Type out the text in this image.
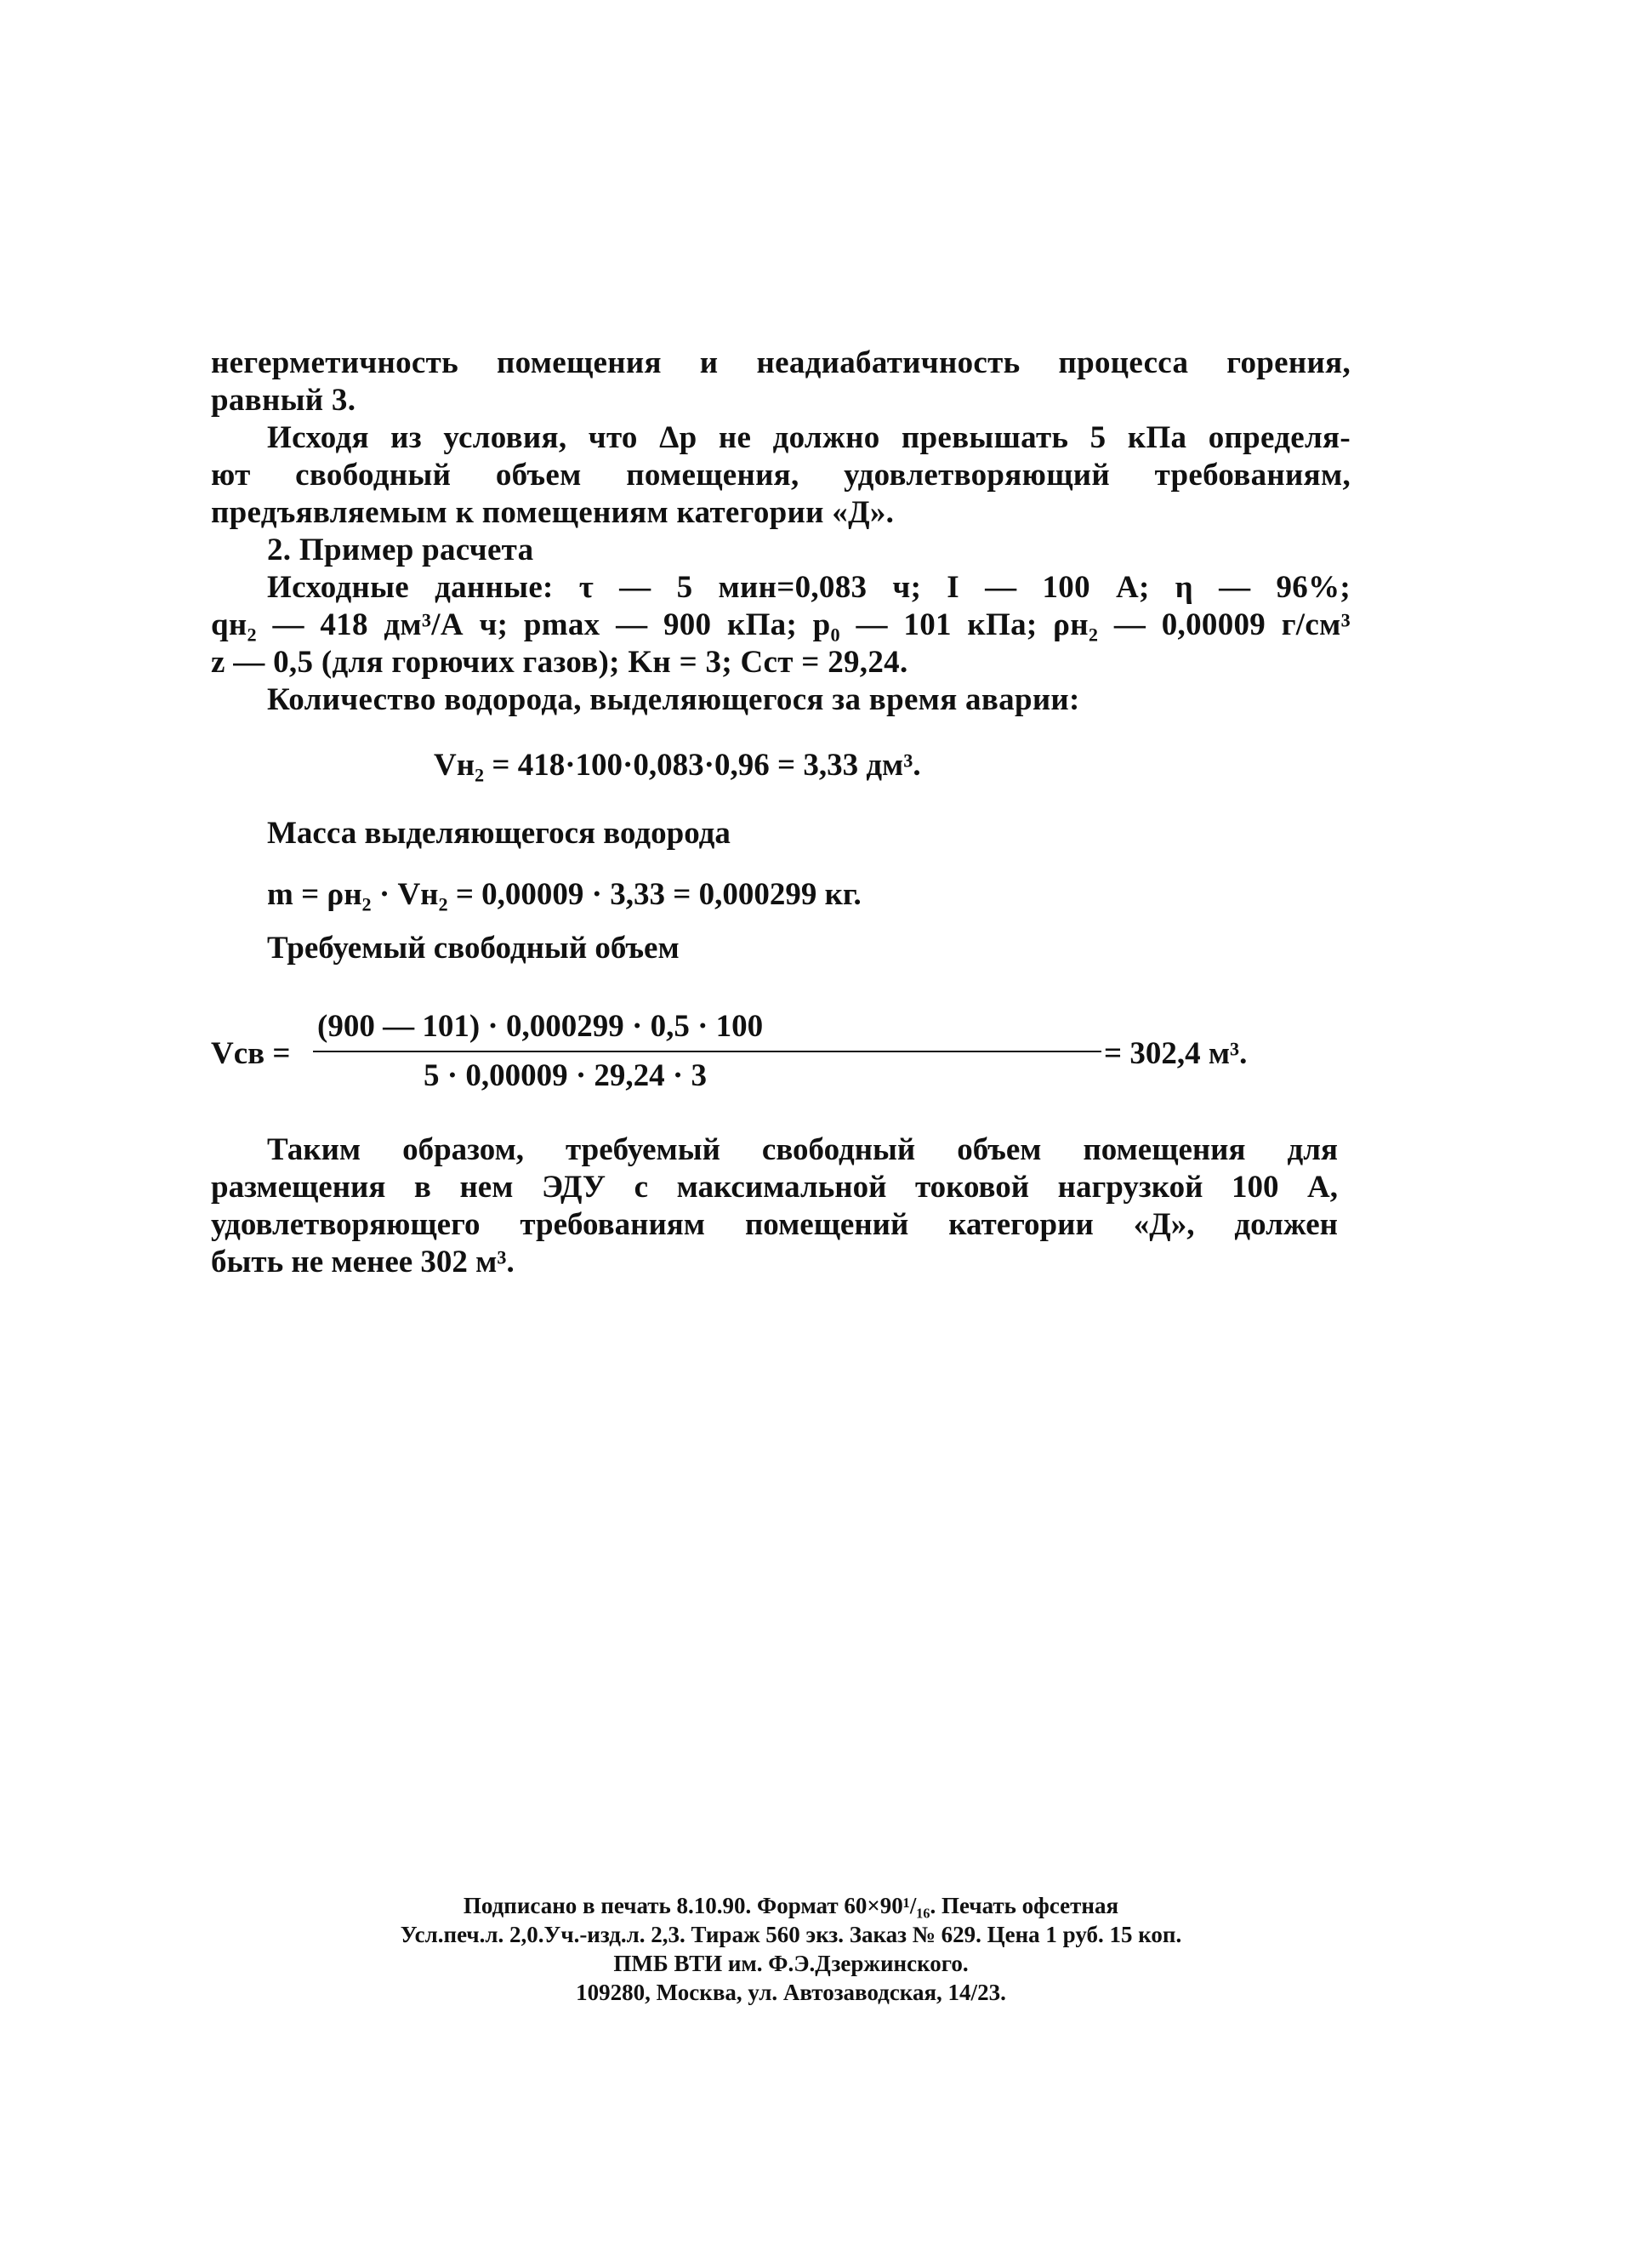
негерметичность помещения и неадиабатичность процесса горения,
равный 3.
Исходя из условия, что Δр не должно превышать 5 кПа определя-
ют свободный объем помещения, удовлетворяющий требованиям,
предъявляемым к помещениям категории «Д».
2. Пример расчета
Исходные данные: τ — 5 мин=0,083 ч; I — 100 А; η — 96%;
qн₂ — 418 дм³/А ч; pmax — 900 кПа; p₀ — 101 кПа; ρн₂ — 0,00009 г/см³
z — 0,5 (для горючих газов); Kн = 3; Cст = 29,24.
Количество водорода, выделяющегося за время аварии:
Vн₂ = 418·100·0,083·0,96 = 3,33 дм³.
Масса выделяющегося водорода
m = ρн₂ · Vн₂ = 0,00009 · 3,33 = 0,000299 кг.
Требуемый свободный объем
Vсв =
(900 — 101) · 0,000299 · 0,5 · 100
5 · 0,00009 · 29,24 · 3
= 302,4 м³.
Таким образом, требуемый свободный объем помещения для
размещения в нем ЭДУ с максимальной токовой нагрузкой 100 А,
удовлетворяющего требованиям помещений категории «Д», должен
быть не менее 302 м³.
Подписано в печать 8.10.90. Формат 60×90¹/₁₆. Печать офсетная
Усл.печ.л. 2,0.Уч.-изд.л. 2,3. Тираж 560 экз. Заказ № 629. Цена 1 руб. 15 коп.
ПМБ ВТИ им. Ф.Э.Дзержинского.
109280, Москва, ул. Автозаводская, 14/23.
